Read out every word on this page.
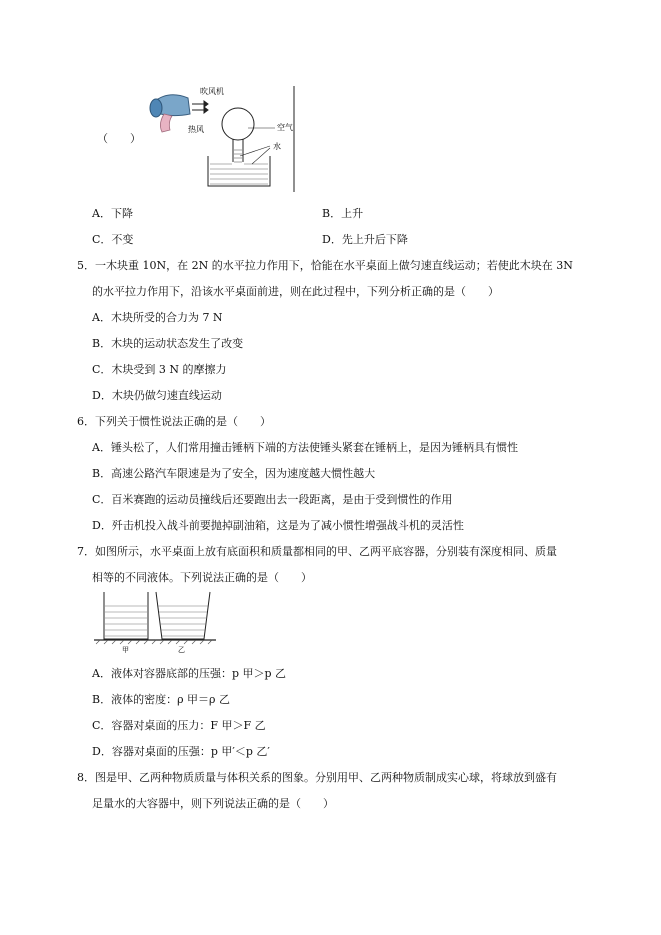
（　　）
吹风机
热风	空气
水
A．下降	B．上升
C．不变	D．先上升后下降
5．一木块重 10N，在 2N 的水平拉力作用下，恰能在水平桌面上做匀速直线运动；若使此木块在 3N
的水平拉力作用下，沿该水平桌面前进，则在此过程中，下列分析正确的是（　　）
A．木块所受的合力为 7 N
B．木块的运动状态发生了改变
C．木块受到 3 N 的摩擦力
D．木块仍做匀速直线运动
6．下列关于惯性说法正确的是（　　）
A．锤头松了，人们常用撞击锤柄下端的方法使锤头紧套在锤柄上，是因为锤柄具有惯性
B．高速公路汽车限速是为了安全，因为速度越大惯性越大
C．百米赛跑的运动员撞线后还要跑出去一段距离，是由于受到惯性的作用
D．歼击机投入战斗前要抛掉副油箱，这是为了减小惯性增强战斗机的灵活性
7．如图所示，水平桌面上放有底面积和质量都相同的甲、乙两平底容器，分别装有深度相同、质量
相等的不同液体。下列说法正确的是（　　）
甲	乙
A．液体对容器底部的压强：p 甲＞p 乙
B．液体的密度：ρ 甲＝ρ 乙
C．容器对桌面的压力：F 甲＞F 乙
D．容器对桌面的压强：p 甲′＜p 乙′
8．图是甲、乙两种物质质量与体积关系的图象。分别用甲、乙两种物质制成实心球，将球放到盛有
足量水的大容器中，则下列说法正确的是（　　）
